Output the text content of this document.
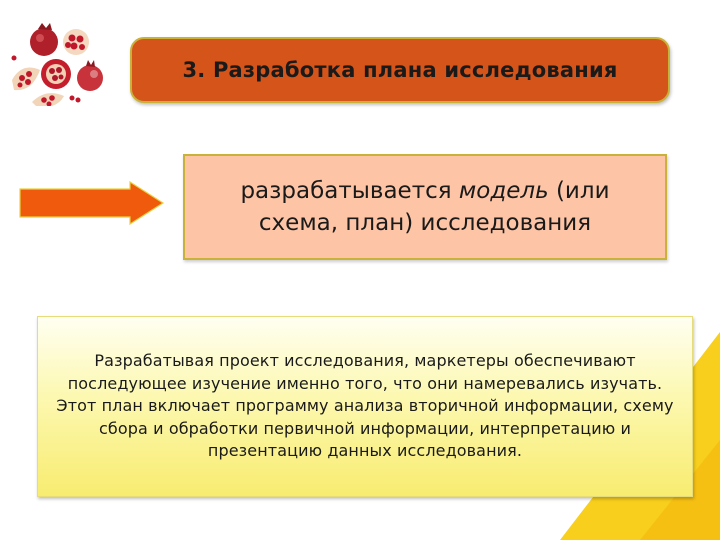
3. Разработка плана исследования
разрабатывается модель (или схема, план) исследования
Разрабатывая проект исследования, маркетеры обеспечивают последующее изучение именно того, что они намеревались изучать. Этот план включает программу анализа вторичной информации, схему сбора и обработки первичной информации, интерпретацию и презентацию данных исследования.
